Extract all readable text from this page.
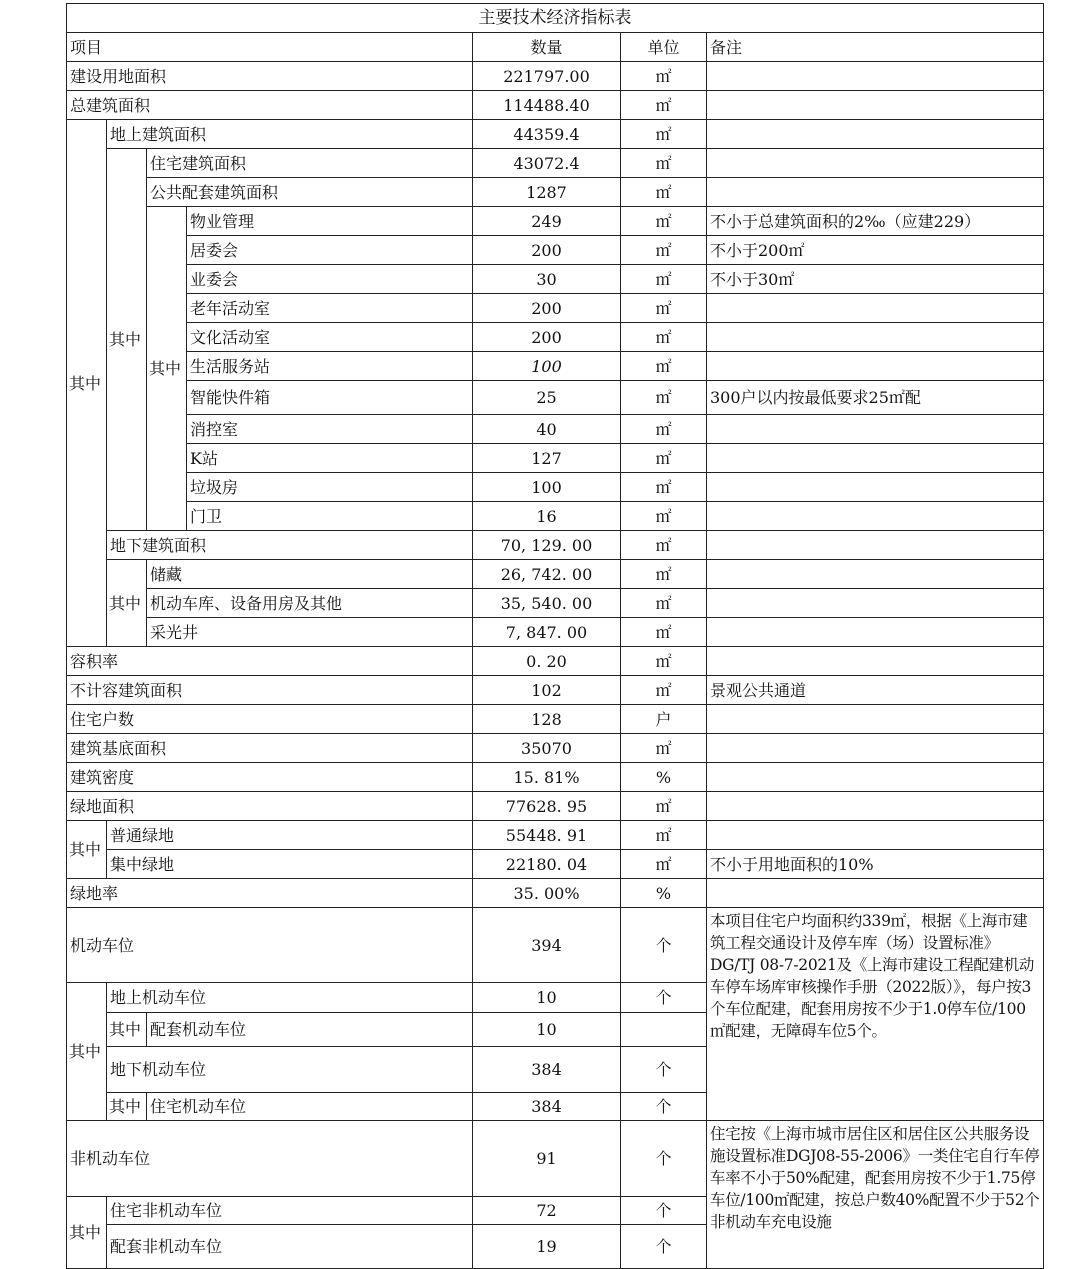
主要技术经济指标表						
项目				数量	单位	备注
建设用地面积				221797.00	㎡	
总建筑面积				114488.40	㎡	
其中	地上建筑面积			44359.4	㎡	
	其中	住宅建筑面积		43072.4	㎡	
		公共配套建筑面积		1287	㎡	
		其中	物业管理	249	㎡	不小于总建筑面积的2‰（应建229）
			居委会	200	㎡	不小于200㎡
			业委会	30	㎡	不小于30㎡
			老年活动室	200	㎡	
			文化活动室	200	㎡	
			生活服务站	100	㎡	
			智能快件箱	25	㎡	300户以内按最低要求25㎡配
			消控室	40	㎡	
			K站	127	㎡	
			垃圾房	100	㎡	
			门卫	16	㎡	
	地下建筑面积			70, 129. 00	㎡	
	其中	储藏		26, 742. 00	㎡	
		机动车库、设备用房及其他		35, 540. 00	㎡	
		采光井		7, 847. 00	㎡	
容积率				0. 20	㎡	
不计容建筑面积				102	㎡	景观公共通道
住宅户数				128	户	
建筑基底面积				35070	㎡	
建筑密度				15. 81%	%	
绿地面积				77628. 95	㎡	
其中	普通绿地			55448. 91	㎡	
	集中绿地			22180. 04	㎡	不小于用地面积的10%
绿地率				35. 00%	%	
机动车位				394	个	本项目住宅户均面积约339㎡，根据《上海市建筑工程交通设计及停车库（场）设置标准》DG/TJ 08-7-2021及《上海市建设工程配建机动车停车场库审核操作手册（2022版）》，每户按3个车位配建，配套用房按不少于1.0停车位/100㎡配建，无障碍车位5个。
其中	地上机动车位			10	个	
	其中	配套机动车位		10		
	地下机动车位			384	个	
	其中	住宅机动车位		384	个	
非机动车位				91	个	住宅按《上海市城市居住区和居住区公共服务设施设置标准DGJ08-55-2006》一类住宅自行车停车率不小于50%配建，配套用房按不少于1.75停车位/100㎡配建，按总户数40%配置不少于52个非机动车充电设施
其中	住宅非机动车位			72	个	
	配套非机动车位			19	个	
